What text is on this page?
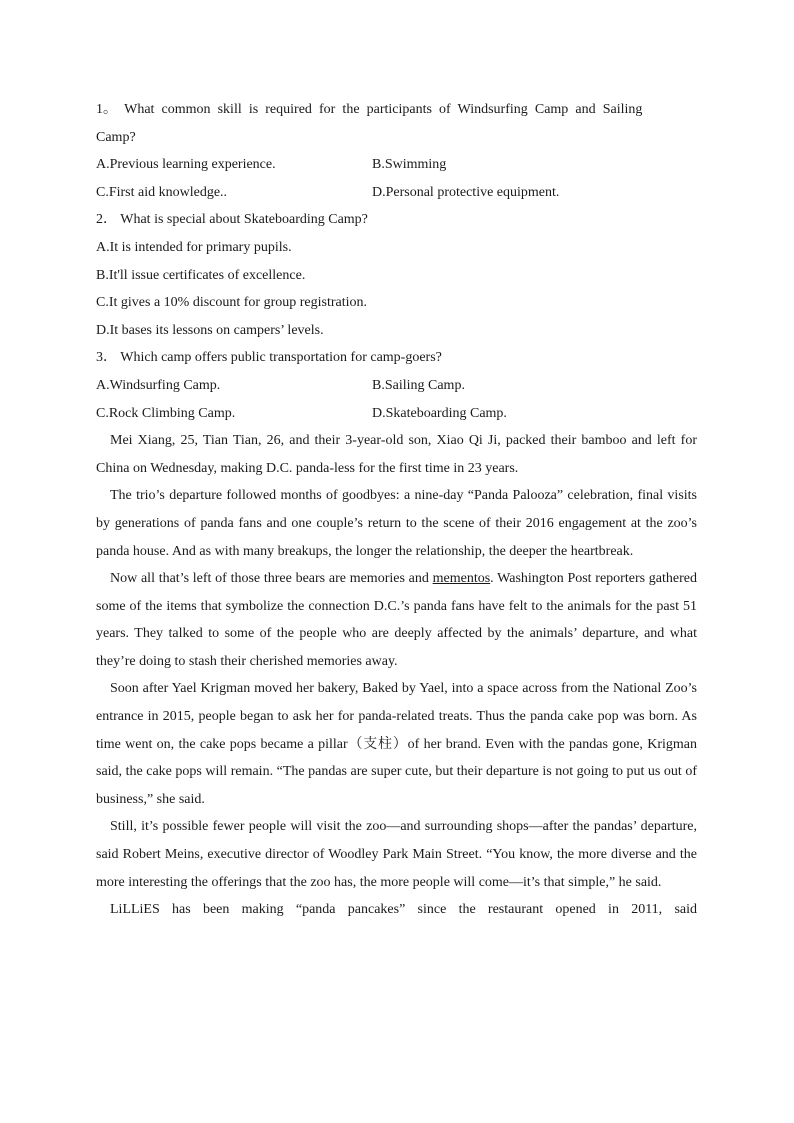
1。 What common skill is required for the participants of Windsurfing Camp and Sailing
Camp?
A.Previous learning experience.	B.Swimming
C.First aid knowledge..	D.Personal protective equipment.
2． What is special about Skateboarding Camp?
A.It is intended for primary pupils.
B.It'll issue certificates of excellence.
C.It gives a 10% discount for group registration.
D.It bases its lessons on campers’ levels.
3． Which camp offers public transportation for camp-goers?
A.Windsurfing Camp.	B.Sailing Camp.
C.Rock Climbing Camp.	D.Skateboarding Camp.

Mei Xiang, 25, Tian Tian, 26, and their 3-year-old son, Xiao Qi Ji, packed their bamboo and left for China on Wednesday, making D.C. panda-less for the first time in 23 years.

The trio’s departure followed months of goodbyes: a nine-day “Panda Palooza” celebration, final visits by generations of panda fans and one couple’s return to the scene of their 2016 engagement at the zoo’s panda house. And as with many breakups, the longer the relationship, the deeper the heartbreak.

Now all that’s left of those three bears are memories and mementos. Washington Post reporters gathered some of the items that symbolize the connection D.C.’s panda fans have felt to the animals for the past 51 years. They talked to some of the people who are deeply affected by the animals’ departure, and what they’re doing to stash their cherished memories away.

Soon after Yael Krigman moved her bakery, Baked by Yael, into a space across from the National Zoo’s entrance in 2015, people began to ask her for panda-related treats. Thus the panda cake pop was born. As time went on, the cake pops became a pillar（支柱）of her brand. Even with the pandas gone, Krigman said, the cake pops will remain. “The pandas are super cute, but their departure is not going to put us out of business,” she said.

Still, it’s possible fewer people will visit the zoo—and surrounding shops—after the pandas’ departure, said Robert Meins, executive director of Woodley Park Main Street. “You know, the more diverse and the more interesting the offerings that the zoo has, the more people will come—it’s that simple,” he said.

LiLLiES has been making “panda pancakes” since the restaurant opened in 2011, said
